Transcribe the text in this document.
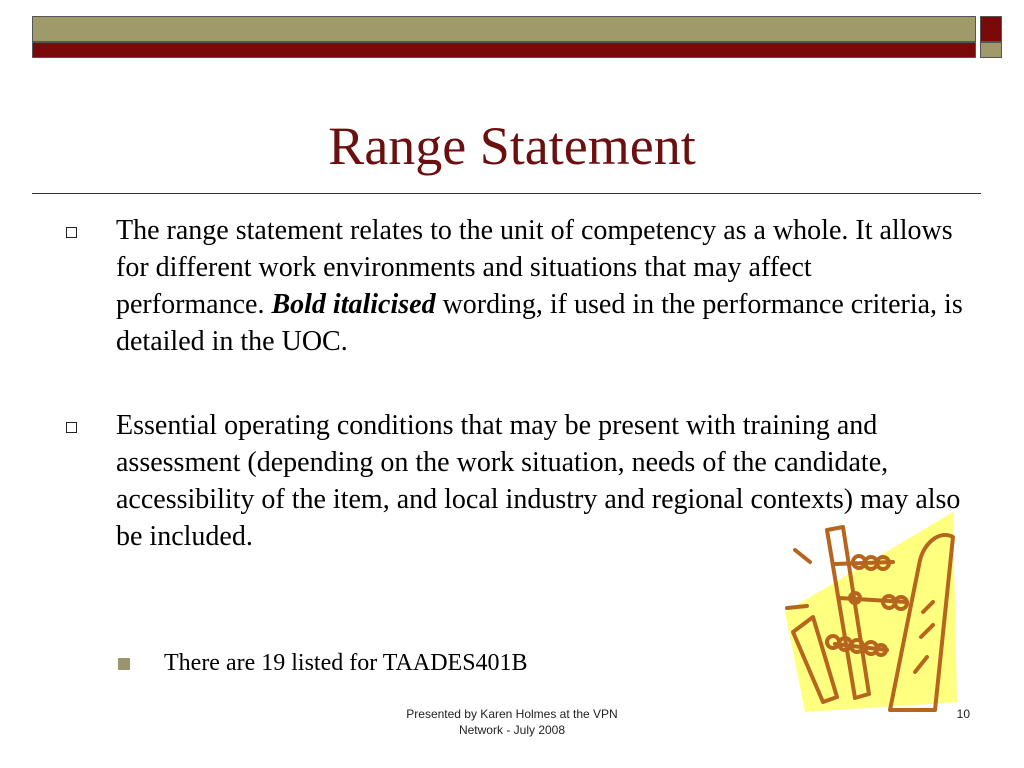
Range Statement
The range statement relates to the unit of competency as a whole. It allows for different work environments and situations that may affect performance. Bold italicised wording, if used in the performance criteria, is detailed in the UOC.
Essential operating conditions that may be present with training and assessment (depending on the work situation, needs of the candidate, accessibility of the item, and local industry and regional contexts) may also be included.
There are 19 listed for TAADES401B
Presented by Karen Holmes at the VPN Network - July 2008
10
